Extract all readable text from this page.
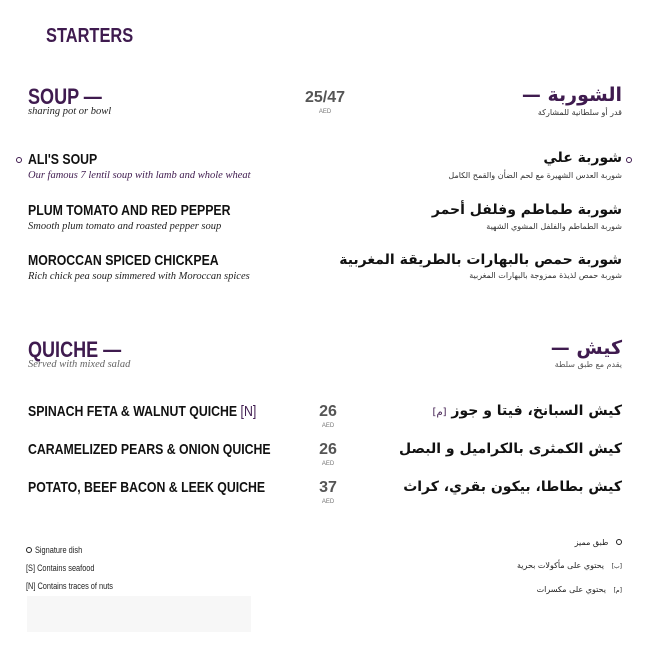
STARTERS
SOUP —
sharing pot or bowl
25/47
AED
الشوربة —
قدر أو سلطانية للمشاركة
ALI'S SOUP
Our famous 7 lentil soup with lamb and whole wheat
شوربة علي
شوربة العدس الشهيرة مع لحم الضأن والقمح الكامل
PLUM TOMATO AND RED PEPPER
Smooth plum tomato and roasted pepper soup
شوربة طماطم وفلفل أحمر
شوربة الطماطم والفلفل المشوي الشهية
MOROCCAN SPICED CHICKPEA
Rich chick pea soup simmered with Moroccan spices
شوربة حمص بالبهارات بالطريقة المغربية
شوربة حمص لذيذة ممزوجة بالبهارات المغربية
QUICHE —
Served with mixed salad
كيش —
يقدم مع طبق سلطة
SPINACH FETA & WALNUT QUICHE [N]	26
AED
كيش السبانخ، فيتا و جوز [م]
CARAMELIZED PEARS & ONION QUICHE	26
AED
كيش الكمثرى بالكراميل و البصل
POTATO, BEEF BACON & LEEK QUICHE	37
AED
كيش بطاطا، بيكون بقري، كراث
Signature dish
[S] Contains seafood
[N] Contains traces of nuts
طبق مميز
[ب]   يحتوي على مأكولات بحرية
[م]   يحتوي على مكسرات
